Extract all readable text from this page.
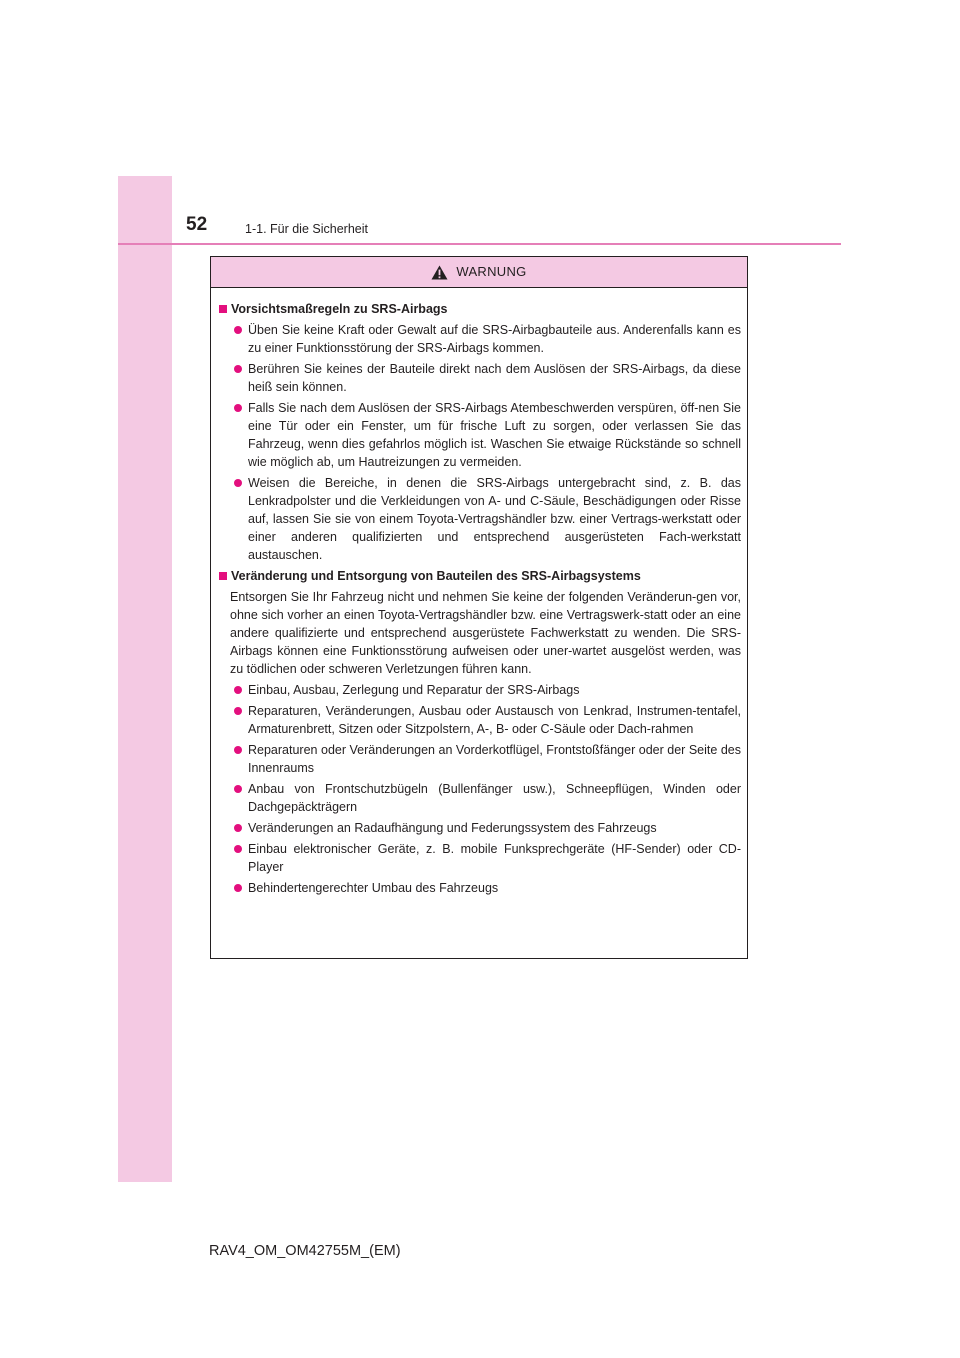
52	1-1. Für die Sicherheit
WARNUNG
Vorsichtsmaßregeln zu SRS-Airbags
Üben Sie keine Kraft oder Gewalt auf die SRS-Airbagbauteile aus. Anderenfalls kann es zu einer Funktionsstörung der SRS-Airbags kommen.
Berühren Sie keines der Bauteile direkt nach dem Auslösen der SRS-Airbags, da diese heiß sein können.
Falls Sie nach dem Auslösen der SRS-Airbags Atembeschwerden verspüren, öff-nen Sie eine Tür oder ein Fenster, um für frische Luft zu sorgen, oder verlassen Sie das Fahrzeug, wenn dies gefahrlos möglich ist. Waschen Sie etwaige Rückstände so schnell wie möglich ab, um Hautreizungen zu vermeiden.
Weisen die Bereiche, in denen die SRS-Airbags untergebracht sind, z. B. das Lenkradpolster und die Verkleidungen von A- und C-Säule, Beschädigungen oder Risse auf, lassen Sie sie von einem Toyota-Vertragshändler bzw. einer Vertrags-werkstatt oder einer anderen qualifizierten und entsprechend ausgerüsteten Fach-werkstatt austauschen.
Veränderung und Entsorgung von Bauteilen des SRS-Airbagsystems
Entsorgen Sie Ihr Fahrzeug nicht und nehmen Sie keine der folgenden Veränderun-gen vor, ohne sich vorher an einen Toyota-Vertragshändler bzw. eine Vertragswerk-statt oder an eine andere qualifizierte und entsprechend ausgerüstete Fachwerkstatt zu wenden. Die SRS-Airbags können eine Funktionsstörung aufweisen oder uner-wartet ausgelöst werden, was zu tödlichen oder schweren Verletzungen führen kann.
Einbau, Ausbau, Zerlegung und Reparatur der SRS-Airbags
Reparaturen, Veränderungen, Ausbau oder Austausch von Lenkrad, Instrumen-tentafel, Armaturenbrett, Sitzen oder Sitzpolstern, A-, B- oder C-Säule oder Dach-rahmen
Reparaturen oder Veränderungen an Vorderkotflügel, Frontstoßfänger oder der Seite des Innenraums
Anbau von Frontschutzbügeln (Bullenfänger usw.), Schneepflügen, Winden oder Dachgepäckträgern
Veränderungen an Radaufhängung und Federungssystem des Fahrzeugs
Einbau elektronischer Geräte, z. B. mobile Funksprechgeräte (HF-Sender) oder CD-Player
Behindertengerechter Umbau des Fahrzeugs
RAV4_OM_OM42755M_(EM)
